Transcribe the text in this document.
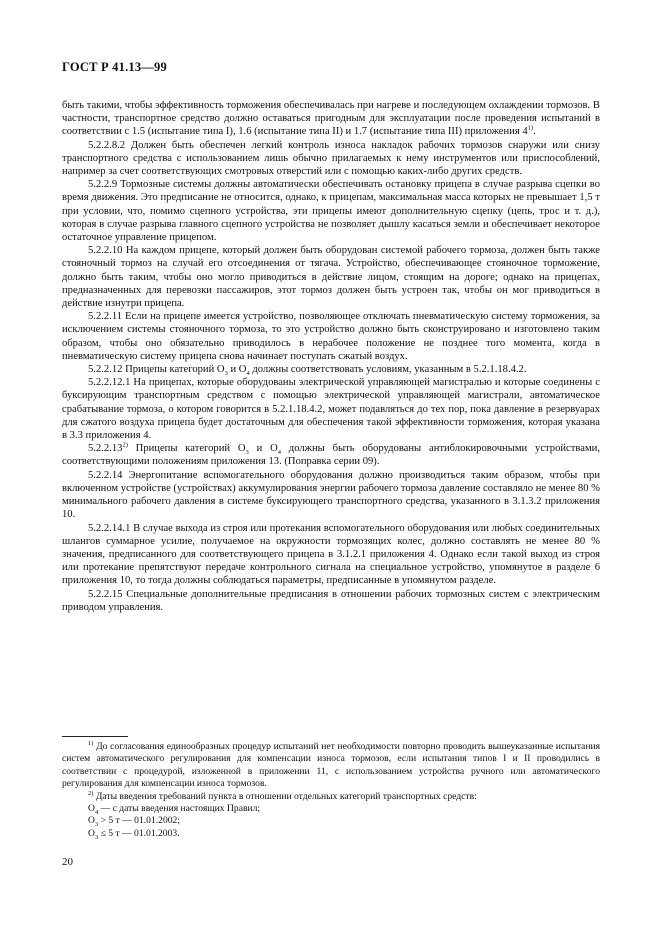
ГОСТ Р 41.13—99

быть такими, чтобы эффективность торможения обеспечивалась при нагреве и последующем охлаждении тормозов. В частности, транспортное средство должно оставаться пригодным для эксплуатации после проведения испытаний в соответствии с 1.5 (испытание типа I), 1.6 (испытание типа II) и 1.7 (испытание типа III) приложения 4$^{1)}$.

5.2.2.8.2 Должен быть обеспечен легкий контроль износа накладок рабочих тормозов снаружи или снизу транспортного средства с использованием лишь обычно прилагаемых к нему инструментов или приспособлений, например за счет соответствующих смотровых отверстий или с помощью каких-либо других средств.

5.2.2.9 Тормозные системы должны автоматически обеспечивать остановку прицепа в случае разрыва сцепки во время движения. Это предписание не относится, однако, к прицепам, максимальная масса которых не превышает 1,5 т при условии, что, помимо сцепного устройства, эти прицепы имеют дополнительную сцепку (цепь, трос и т. д.), которая в случае разрыва главного сцепного устройства не позволяет дышлу касаться земли и обеспечивает некоторое остаточное управление прицепом.

5.2.2.10 На каждом прицепе, который должен быть оборудован системой рабочего тормоза, должен быть также стояночный тормоз на случай его отсоединения от тягача. Устройство, обеспечивающее стояночное торможение, должно быть таким, чтобы оно могло приводиться в действие лицом, стоящим на дороге; однако на прицепах, предназначенных для перевозки пассажиров, этот тормоз должен быть устроен так, чтобы он мог приводиться в действие изнутри прицепа.

5.2.2.11 Если на прицепе имеется устройство, позволяющее отключать пневматическую систему торможения, за исключением системы стояночного тормоза, то это устройство должно быть сконструировано и изготовлено таким образом, чтобы оно обязательно приводилось в нерабочее положение не позднее того момента, когда в пневматическую систему прицепа снова начинает поступать сжатый воздух.

5.2.2.12 Прицепы категорий $О_3$ и $О_4$ должны соответствовать условиям, указанным в 5.2.1.18.4.2.

5.2.2.12.1 На прицепах, которые оборудованы электрической управляющей магистралью и которые соединены с буксирующим транспортным средством с помощью электрической управляющей магистрали, автоматическое срабатывание тормоза, о котором говорится в 5.2.1.18.4.2, может подавляться до тех пор, пока давление в резервуарах для сжатого воздуха прицепа будет достаточным для обеспечения такой эффективности торможения, которая указана в 3.3 приложения 4.

5.2.2.13$^{2)}$ Прицепы категорий $О_3$ и $О_4$ должны быть оборудованы антиблокировочными устройствами, соответствующими положениям приложения 13. (Поправка серии 09).

5.2.2.14 Энергопитание вспомогательного оборудования должно производиться таким образом, чтобы при включенном устройстве (устройствах) аккумулирования энергии рабочего тормоза давление составляло не менее 80 % минимального рабочего давления в системе буксирующего транспортного средства, указанного в 3.1.3.2 приложения 10.

5.2.2.14.1 В случае выхода из строя или протекания вспомогательного оборудования или любых соединительных шлангов суммарное усилие, получаемое на окружности тормозящих колес, должно составлять не менее 80 % значения, предписанного для соответствующего прицепа в 3.1.2.1 приложения 4. Однако если такой выход из строя или протекание препятствуют передаче контрольного сигнала на специальное устройство, упомянутое в разделе 6 приложения 10, то тогда должны соблюдаться параметры, предписанные в упомянутом разделе.

5.2.2.15 Специальные дополнительные предписания в отношении рабочих тормозных систем с электрическим приводом управления.

$^{1)}$ До согласования единообразных процедур испытаний нет необходимости повторно проводить вышеуказанные испытания систем автоматического регулирования для компенсации износа тормозов, если испытания типов I и II проводились в соответствии с процедурой, изложенной в приложении 11, с использованием устройства ручного или автоматического регулирования для компенсации износа тормозов.

$^{2)}$ Даты введения требований пункта в отношении отдельных категорий транспортных средств:

$О_4$ — с даты введения настоящих Правил;
$О_3 > 5$ т — 01.01.2002;
$О_3 \le 5$ т — 01.01.2003.
20
